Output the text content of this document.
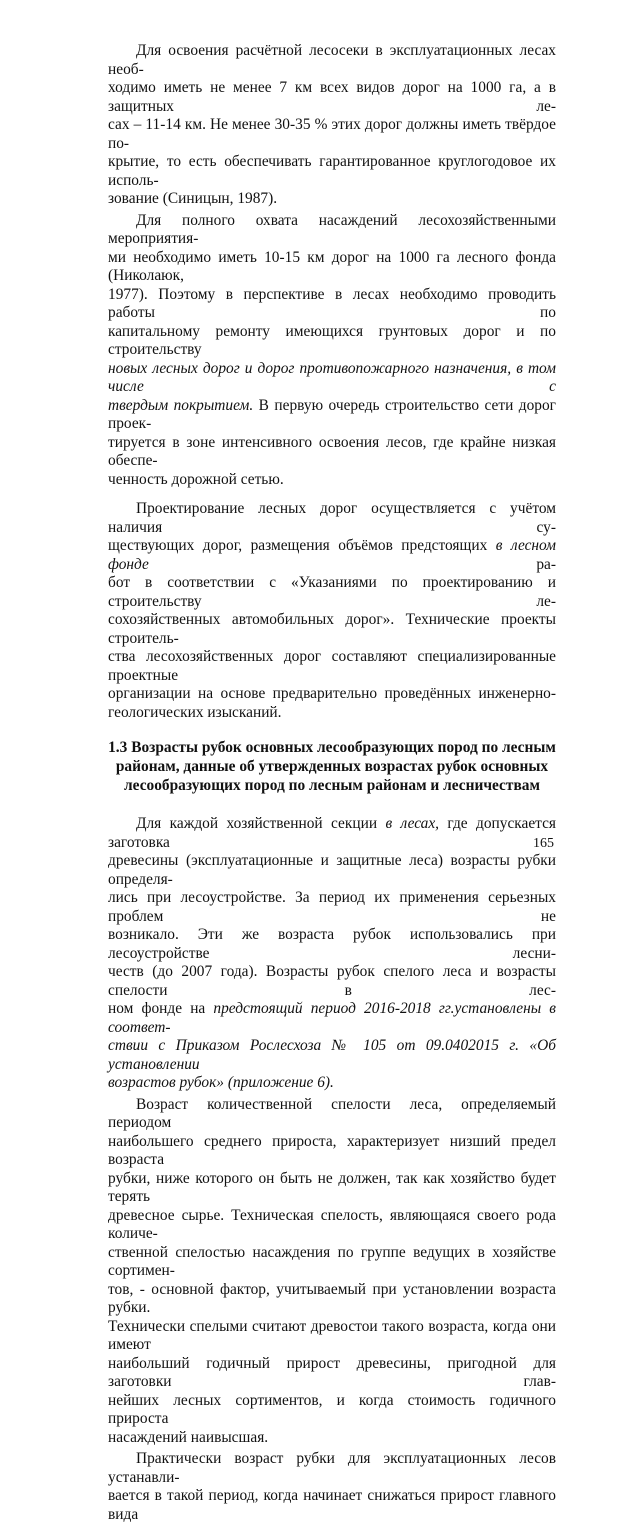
Для освоения расчётной лесосеки в эксплуатационных лесах необ-
ходимо иметь не менее 7 км всех видов дорог на 1000 га, а в защитных ле-
сах – 11-14 км. Не менее 30-35 % этих дорог должны иметь твёрдое по-
крытие, то есть обеспечивать гарантированное круглогодовое их исполь-
зование (Синицын, 1987).

Для полного охвата насаждений лесохозяйственными мероприятия-
ми необходимо иметь 10-15 км дорог на 1000 га лесного фонда (Николаюк,
1977). Поэтому в перспективе в лесах необходимо проводить работы по
капитальному ремонту имеющихся грунтовых дорог и по строительству
новых лесных дорог и дорог противопожарного назначения, в том числе с
твердым покрытием. В первую очередь строительство сети дорог проек-
тируется в зоне интенсивного освоения лесов, где крайне низкая обеспе-
ченность дорожной сетью.

Проектирование лесных дорог осуществляется с учётом наличия су-
ществующих дорог, размещения объёмов предстоящих в лесном фонде ра-
бот в соответствии с «Указаниями по проектированию и строительству ле-
сохозяйственных автомобильных дорог». Технические проекты строитель-
ства лесохозяйственных дорог составляют специализированные проектные
организации на основе предварительно проведённых инженерно-
геологических изысканий.

1.3 Возрасты рубок основных лесообразующих пород по лесным
районам, данные об утвержденных возрастах рубок основных
лесообразующих пород по лесным районам и лесничествам

Для каждой хозяйственной секции в лесах, где допускается заготовка
древесины (эксплуатационные и защитные леса) возрасты рубки определя-
лись при лесоустройстве. За период их применения серьезных проблем не
возникало. Эти же возраста рубок использовались при лесоустройстве лесни-
честв (до 2007 года). Возрасты рубок спелого леса и возрасты спелости в лес-
ном фонде на предстоящий период 2016-2018 гг.установлены в соответ-
ствии с Приказом Рослесхоза № 105 от 09.0402015 г. «Об установлении
возрастов рубок» (приложение 6).

Возраст количественной спелости леса, определяемый периодом
наибольшего среднего прироста, характеризует низший предел возраста
рубки, ниже которого он быть не должен, так как хозяйство будет терять
древесное сырье. Техническая спелость, являющаяся своего рода количе-
ственной спелостью насаждения по группе ведущих в хозяйстве сортимен-
тов, - основной фактор, учитываемый при установлении возраста рубки.
Технически спелыми считают древостои такого возраста, когда они имеют
наибольший годичный прирост древесины, пригодной для заготовки глав-
нейших лесных сортиментов, и когда стоимость годичного прироста
насаждений наивысшая.

Практически возраст рубки для эксплуатационных лесов устанавли-
вается в такой период, когда начинает снижаться прирост главного вида

165
